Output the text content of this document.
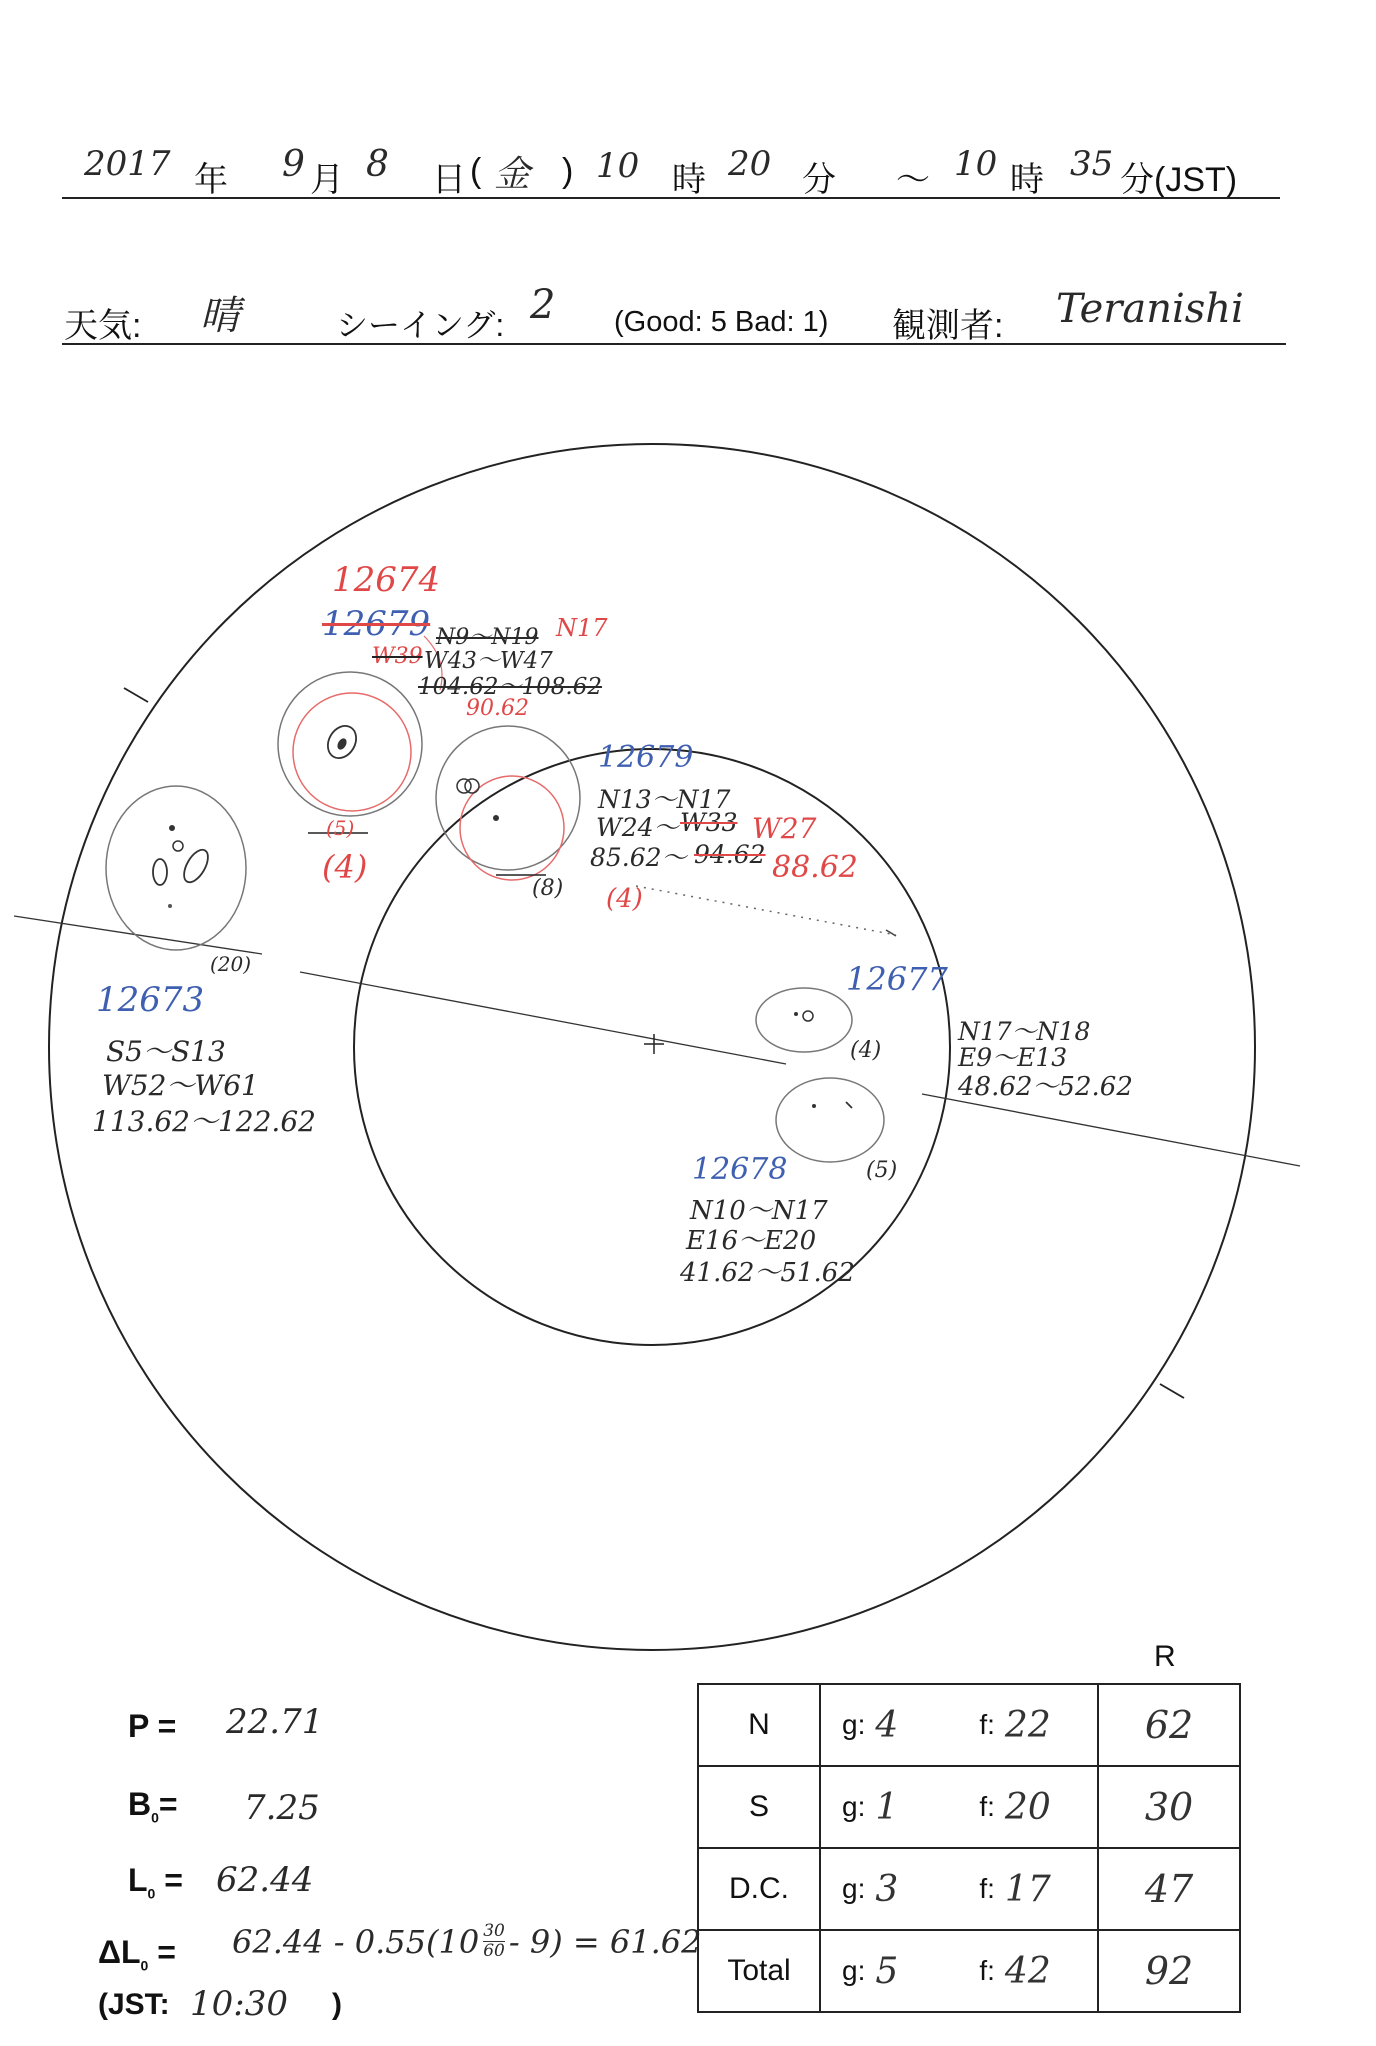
2017 年 9 月 8 日 ( 金 ) 10 時 20 分 ～ 10 時 35 分(JST)
天気: 晴	シーイング: 2 (Good: 5 Bad: 1) 観測者: Teranishi
12674
12679 N9～N19 N17
W39 W43～W47
104.62～108.62
90.62
(5)
(4)
12679
N13～N17
W24～ W33 W27
85.62～ 94.62 88.62
(8) (4)
(20)
12673
S5～S13
W52～W61
113.62～122.62
12677
(4)
N17～N18
E9～E13
48.62～52.62
(5)
12678
N10～N17
E16～E20
41.62～51.62
P = 22.71
$B_0= 7.25$
$L_0 = 62.44$
$\Delta L_0 = 62.44 - 0.55(10 \frac{30}{60} - 9) = 61.62$
(JST: 10:30 )
R
N	g: 4 f: 22	62
S	g: 1 f: 20	30
D.C.	g: 3 f: 17	47
Total	g: 5 f: 42	92
